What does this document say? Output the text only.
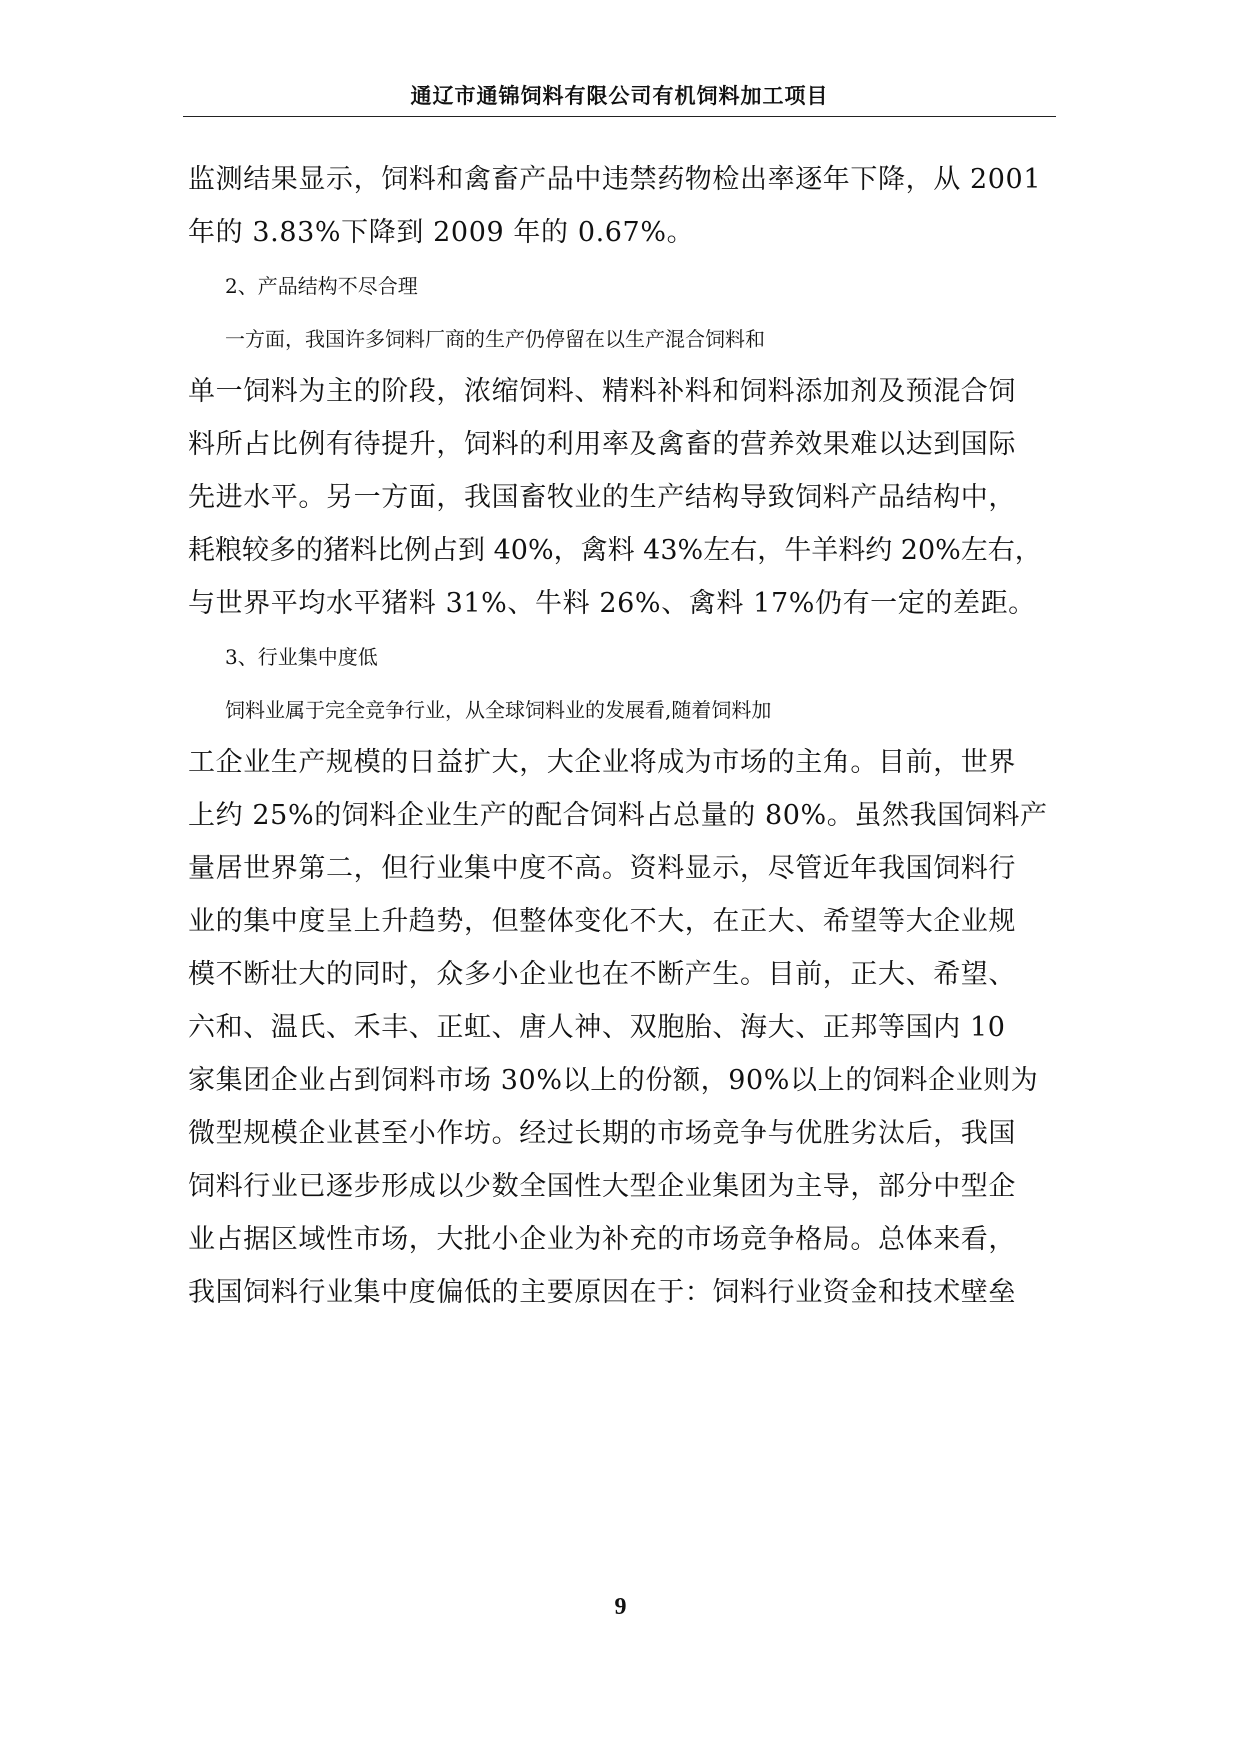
通辽市通锦饲料有限公司有机饲料加工项目
监测结果显示，饲料和禽畜产品中违禁药物检出率逐年下降，从 2001
年的 3.83%下降到 2009 年的 0.67%。
2、产品结构不尽合理
一方面，我国许多饲料厂商的生产仍停留在以生产混合饲料和
单一饲料为主的阶段，浓缩饲料、精料补料和饲料添加剂及预混合饲
料所占比例有待提升，饲料的利用率及禽畜的营养效果难以达到国际
先进水平。另一方面，我国畜牧业的生产结构导致饲料产品结构中，
耗粮较多的猪料比例占到 40%，禽料 43%左右，牛羊料约 20%左右，
与世界平均水平猪料 31%、牛料 26%、禽料 17%仍有一定的差距。
3、行业集中度低
饲料业属于完全竞争行业，从全球饲料业的发展看,随着饲料加
工企业生产规模的日益扩大，大企业将成为市场的主角。目前，世界
上约 25%的饲料企业生产的配合饲料占总量的 80%。虽然我国饲料产
量居世界第二，但行业集中度不高。资料显示，尽管近年我国饲料行
业的集中度呈上升趋势，但整体变化不大，在正大、希望等大企业规
模不断壮大的同时，众多小企业也在不断产生。目前，正大、希望、
六和、温氏、禾丰、正虹、唐人神、双胞胎、海大、正邦等国内 10
家集团企业占到饲料市场 30%以上的份额，90%以上的饲料企业则为
微型规模企业甚至小作坊。经过长期的市场竞争与优胜劣汰后，我国
饲料行业已逐步形成以少数全国性大型企业集团为主导，部分中型企
业占据区域性市场，大批小企业为补充的市场竞争格局。总体来看，
我国饲料行业集中度偏低的主要原因在于：饲料行业资金和技术壁垒
9
